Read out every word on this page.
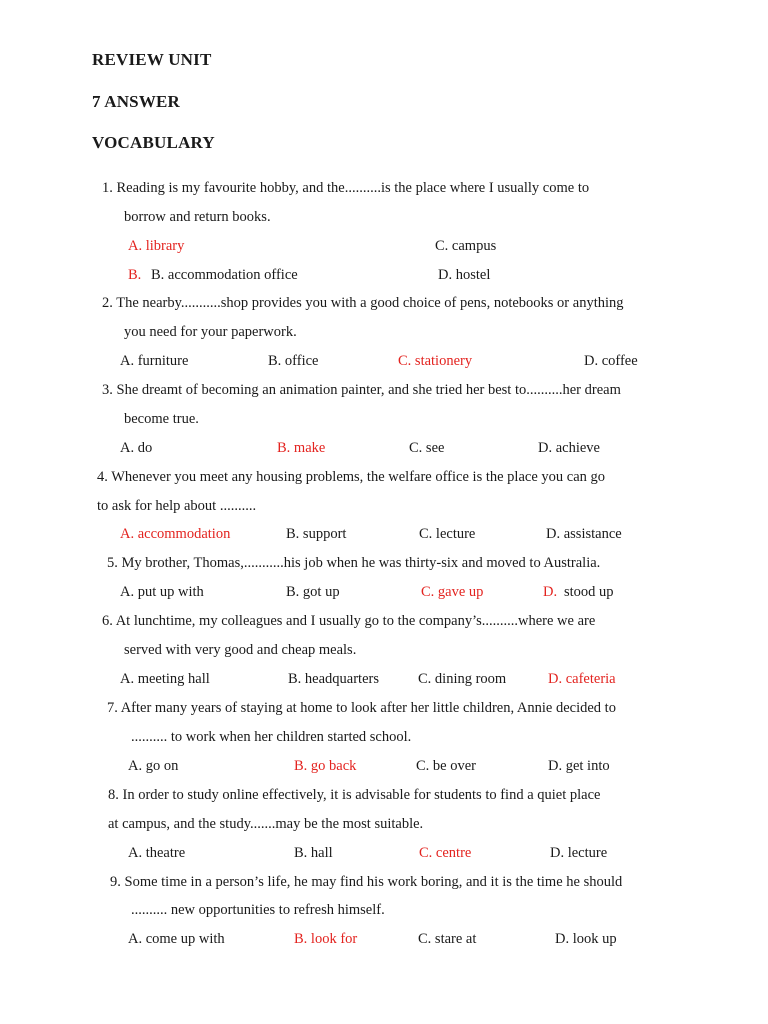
REVIEW UNIT
7 ANSWER
VOCABULARY
1. Reading is my favourite hobby, and the..........is the place where I usually come to
borrow and return books.
A. library	C. campus
B. B. accommodation office	D. hostel
2. The nearby...........shop provides you with a good choice of pens, notebooks or anything
you need for your paperwork.
A. furniture	B. office	C. stationery	D. coffee
3. She dreamt of becoming an animation painter, and she tried her best to..........her dream
become true.
A. do	B. make	C. see	D. achieve
4. Whenever you meet any housing problems, the welfare office is the place you can go
to ask for help about ..........
A. accommodation	B. support	C. lecture	D. assistance
5. My brother, Thomas,...........his job when he was thirty-six and moved to Australia.
A. put up with	B. got up	C. gave up	D. stood up
6. At lunchtime, my colleagues and I usually go to the company’s..........where we are
served with very good and cheap meals.
A. meeting hall	B. headquarters	C. dining room	D. cafeteria
7. After many years of staying at home to look after her little children, Annie decided to
.......... to work when her children started school.
A. go on	B. go back	C. be over	D. get into
8. In order to study online effectively, it is advisable for students to find a quiet place
at campus, and the study.......may be the most suitable.
A. theatre	B. hall	C. centre	D. lecture
9. Some time in a person’s life, he may find his work boring, and it is the time he should
.......... new opportunities to refresh himself.
A. come up with	B. look for	C. stare at	D. look up
